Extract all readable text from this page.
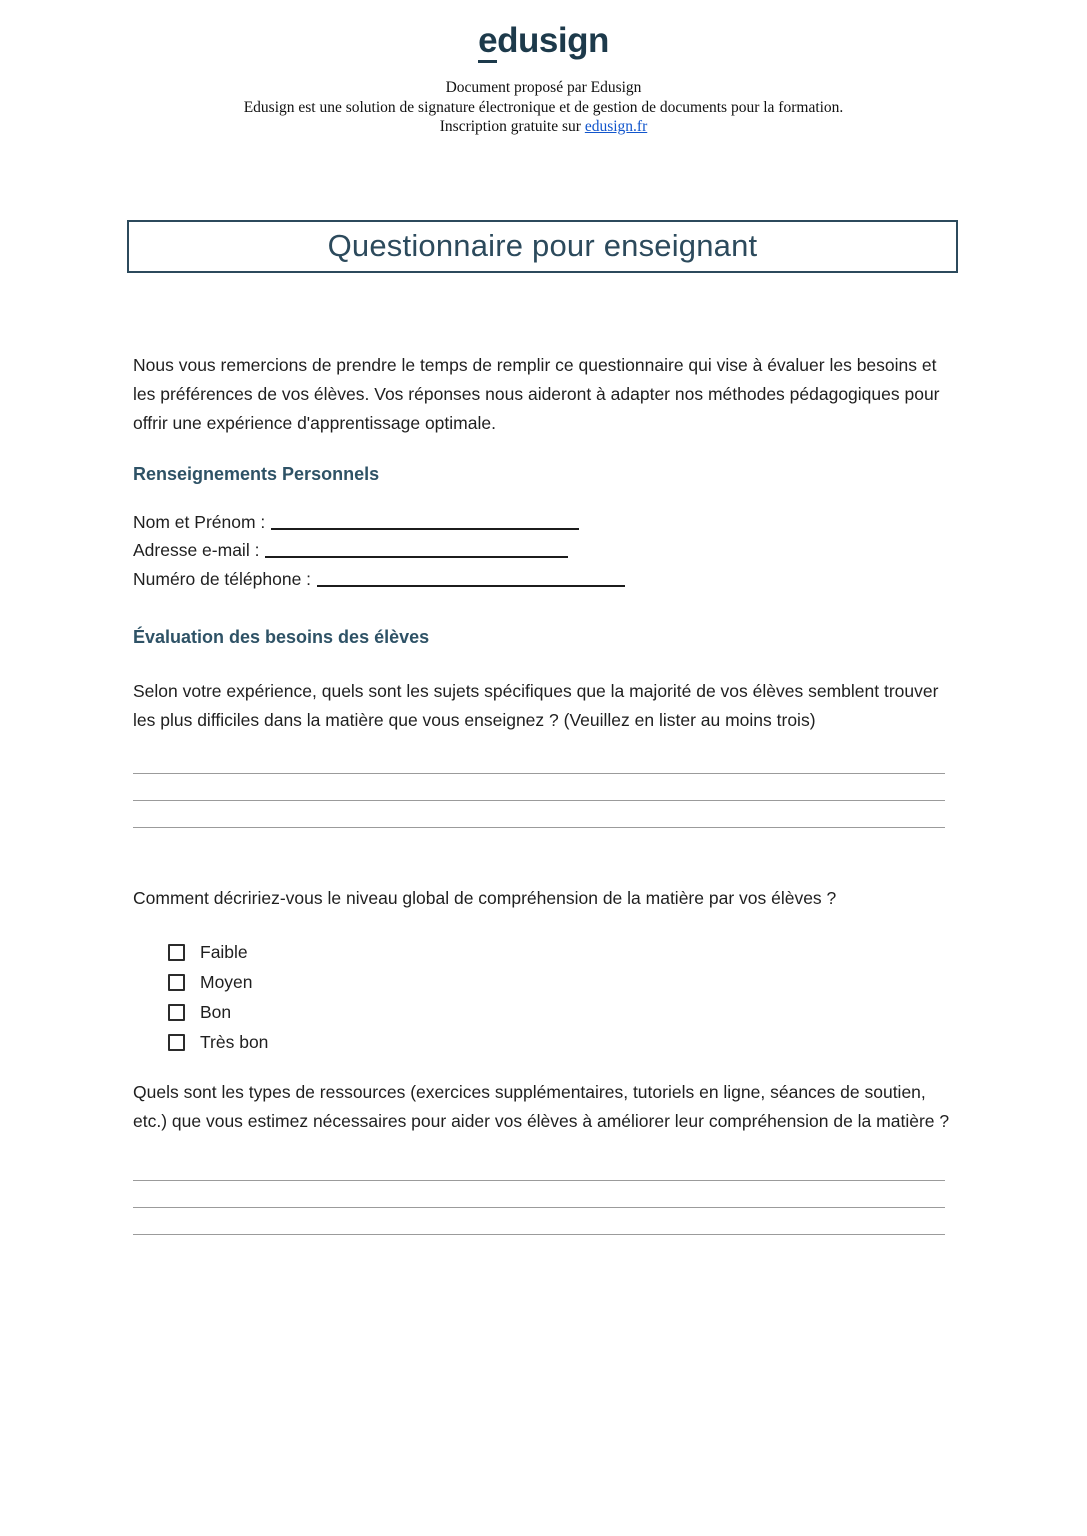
edusign
Document proposé par Edusign
Edusign est une solution de signature électronique et de gestion de documents pour la formation.
Inscription gratuite sur edusign.fr
Questionnaire pour enseignant

Nous vous remercions de prendre le temps de remplir ce questionnaire qui vise à évaluer les besoins et les préférences de vos élèves. Vos réponses nous aideront à adapter nos méthodes pédagogiques pour offrir une expérience d'apprentissage optimale.

Renseignements Personnels
Nom et Prénom :
Adresse e-mail :
Numéro de téléphone :
Évaluation des besoins des élèves

Selon votre expérience, quels sont les sujets spécifiques que la majorité de vos élèves semblent trouver les plus difficiles dans la matière que vous enseignez ? (Veuillez en lister au moins trois)

Comment décririez-vous le niveau global de compréhension de la matière par vos élèves ?

Faible
Moyen
Bon
Très bon

Quels sont les types de ressources (exercices supplémentaires, tutoriels en ligne, séances de soutien, etc.) que vous estimez nécessaires pour aider vos élèves à améliorer leur compréhension de la matière ?
